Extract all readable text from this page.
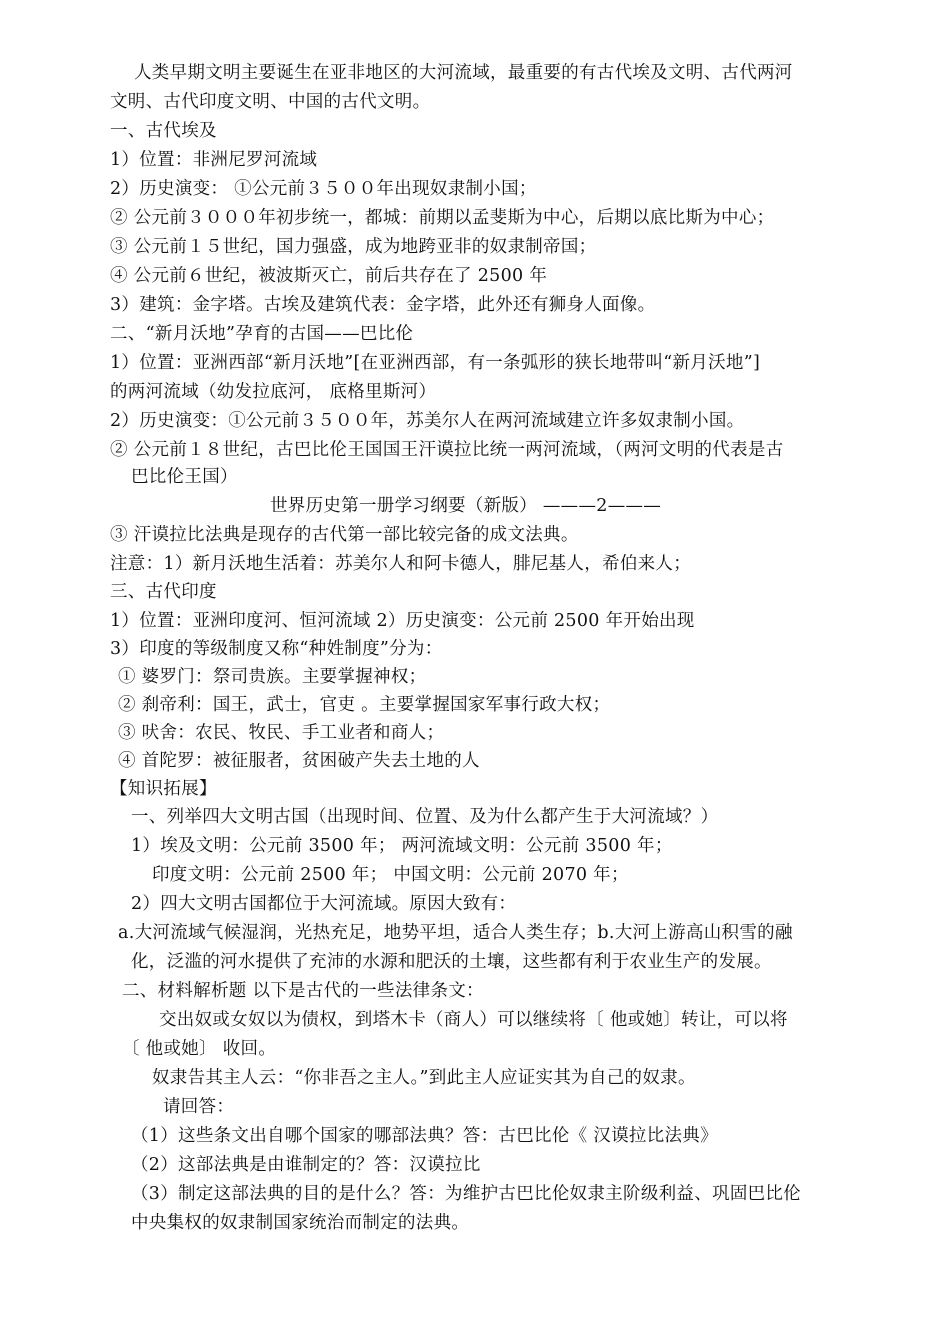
人类早期文明主要诞生在亚非地区的大河流域，最重要的有古代埃及文明、古代两河
文明、古代印度文明、中国的古代文明。
一、古代埃及
1）位置：非洲尼罗河流域
2）历史演变： ①公元前３５００年出现奴隶制小国；
② 公元前３０００年初步统一，都城：前期以孟斐斯为中心，后期以底比斯为中心；
③ 公元前１５世纪，国力强盛，成为地跨亚非的奴隶制帝国；
④ 公元前６世纪，被波斯灭亡，前后共存在了 2500 年
3）建筑：金字塔。古埃及建筑代表：金字塔，此外还有狮身人面像。
二、“新月沃地”孕育的古国——巴比伦
1）位置：亚洲西部“新月沃地”[在亚洲西部，有一条弧形的狭长地带叫“新月沃地”]
的两河流域（幼发拉底河， 底格里斯河）
2）历史演变：①公元前３５００年，苏美尔人在两河流域建立许多奴隶制小国。
② 公元前１８世纪，古巴比伦王国国王汗谟拉比统一两河流域，（两河文明的代表是古
巴比伦王国）
世界历史第一册学习纲要（新版） ———2———
③ 汗谟拉比法典是现存的古代第一部比较完备的成文法典。
注意：1）新月沃地生活着：苏美尔人和阿卡德人，腓尼基人，希伯来人；
三、古代印度
1）位置：亚洲印度河、恒河流域 2）历史演变：公元前 2500 年开始出现
3）印度的等级制度又称“种姓制度”分为：
① 婆罗门：祭司贵族。主要掌握神权；
② 刹帝利：国王，武士，官吏 。主要掌握国家军事行政大权；
③ 吠舍：农民、牧民、手工业者和商人；
④ 首陀罗：被征服者，贫困破产失去土地的人
【知识拓展】
一、列举四大文明古国（出现时间、位置、及为什么都产生于大河流域？）
1）埃及文明：公元前 3500 年； 两河流域文明：公元前 3500 年；
印度文明：公元前 2500 年； 中国文明：公元前 2070 年；
2）四大文明古国都位于大河流域。原因大致有：
a.大河流域气候湿润，光热充足，地势平坦，适合人类生存；b.大河上游高山积雪的融
化，泛滥的河水提供了充沛的水源和肥沃的土壤，这些都有利于农业生产的发展。
二、材料解析题 以下是古代的一些法律条文：
交出奴或女奴以为债权，到塔木卡（商人）可以继续将〔 他或她〕转让，可以将
〔 他或她〕 收回。
奴隶告其主人云：“你非吾之主人。”到此主人应证实其为自己的奴隶。
请回答：
（1）这些条文出自哪个国家的哪部法典？答：古巴比伦《 汉谟拉比法典》
（2）这部法典是由谁制定的？答：汉谟拉比
（3）制定这部法典的目的是什么？答：为维护古巴比伦奴隶主阶级利益、巩固巴比伦
中央集权的奴隶制国家统治而制定的法典。
